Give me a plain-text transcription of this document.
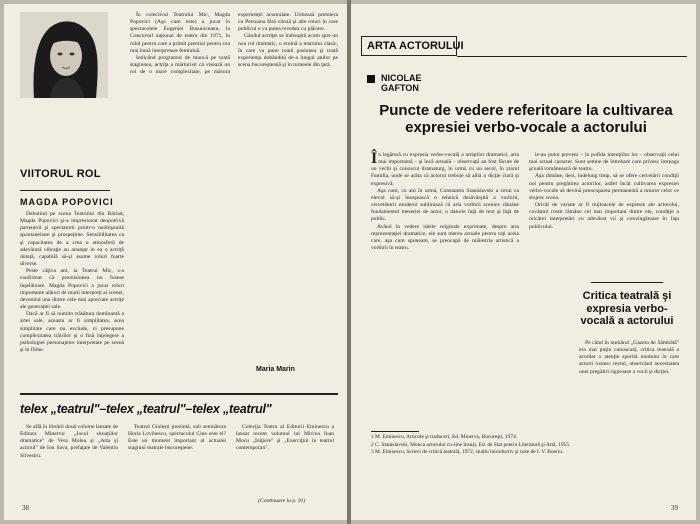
VIITORUL ROL
MAGDA POPOVICI

Debutind pe scena Teatrului din Bârlad, Magda Popovici şi-a impresionat deopotrivă partenerii şi spectatorii printr-o neobişnuită spontaneitate şi prospeţime. Sensibilitatea ca şi capacitatea de a crea o atmosferă de adevărată vibraţie au anunţat în ea o actriţă dotată, capabilă să-şi asume roluri foarte diverse.

Peste câţiva ani, la Teatrul Mic, s-a confirmat că promisiunea nu fusese înşelătoare. Magda Popovici a jucat roluri importante alături de marii interpreţi ai scenei, devenind una dintre cele mai apreciate actriţe ale generaţiei sale.

Dacă ar fi să numim trăsătura dominantă a artei sale, aceasta ar fi simplitatea, acea simplitate care nu exclude, ci presupune complexitatea trăirilor şi o fină înţelegere a psihologiei personajelor interpretate pe scenă şi în filme.

În colectivul Teatrului Mic, Magda Popovici (Aşa cum este) a jucat în spectacolele Eugeniei Busuioceanu, la Concursul naţional de teatru din 1971, în rolul pentru care a primit premiul pentru cea mai bună interpretare feminină.

Indicând programul de muncă pe toată stagiunea, actriţa a mărturisit că visează un rol de o mare complexitate, pe măsura experienţei acumulate. Urmează premiera cu Persoana fără vârstă şi alte roluri în care publicul o va putea revedea cu plăcere.

Gândul actriţei se îndreaptă acum spre un nou rol dramatic, o eroină a teatrului clasic, în care va pune toată pasiunea şi toată experienţa dobândită de-a lungul anilor pe scena bucureşteană şi în turneele din ţară.

Maria Marin
telex „teatrul"–telex „teatrul"–telex „teatrul"

Se află în librării două volume lansate de Editura Minerva: „Jocul situaţiilor dramatice" de Vera Molea şi „Arta şi actorul" de Ion Sava, prefaţate de Valentin Silvestru.

Teatrul Giulești prezintă, sub semnătura Horia Lovinescu, spectacolul Cine este el? Este un moment important al actualei stagiuni teatrale bucureştene.

Colecţia Teatru al Editurii Eminescu a lansat recent volumul lui Mircea Ioan Mocu „Iniţiere" şi „Exerciţiul în teatrul contemporan".

(Continuare la p. 91)
38
ARTA ACTORULUI
NICOLAE
GAFTON
Puncte de vedere referitoare la cultivarea expresiei verbo-vocale a actorului

În legătură cu expresia verbo-vocală a artiştilor dramatici, arta mai importantă – şi încă actuală – observaţii au fost făcute de un vechi şi cunoscut dramaturg, în urmă cu un secol, în ziarul Familia, unde se arăta că actorul trebuie să aibă o dicţie clară şi expresivă.

Aşa cum, cu ani în urmă, Constantin Stanislavski a cerut ca elevul să-şi însuşească o tehnică desăvârşită a vorbirii, cercetătorii moderni subliniază că arta vorbirii scenice rămâne fundamentul meseriei de actor, o datorie faţă de text şi faţă de public.

Având în vedere ideile originale exprimate, despre arta reprezentaţiei dramatice, ele sunt mereu actuale pentru toţi aceia care, aşa cum spuneam, se preocupă de măiestria artistică a vorbirii în teatru.

le-au putut preveni – în pofida intenţiilor lor – observaţii celui mai actual caracter. Sunt semne de întrebare care privesc întreaga şcoală românească de teatru.

Aşa rămâne, deci, îndelung timp, să se ofere cercetării condiţii noi pentru pregătirea actorilor, astfel încât cultivarea expresiei verbo-vocale să devină preocuparea permanentă a tuturor celor ce slujesc scena.

Oricât de variate ar fi mijloacele de expresie ale actorului, cuvântul rostit rămâne cel mai important dintre ele, condiţie a oricărei interpretări cu adevărat vii şi convingătoare în faţa publicului.

Critica teatrală şi expresia verbo-vocală a actorului

Pe când în numărul „Gazeta de Sâmbătă" era mai puţin cunoscută, critica teatrală a acordat o atenţie sporită modului în care actorii rostesc textul, observând necesitatea unei pregătiri riguroase a vocii şi dicţiei.

1 M. Eminescu, Articole şi traduceri, Ed. Minerva, Bucureşti, 1974.

2 C. Stanislavski, Munca actorului cu sine însuşi, Ed. de Stat pentru Literatură şi Artă, 1955.

3 M. Eminescu, Scrieri de critică teatrală, 1972, studiu introductiv şi note de I. V. Boeriu.

39
